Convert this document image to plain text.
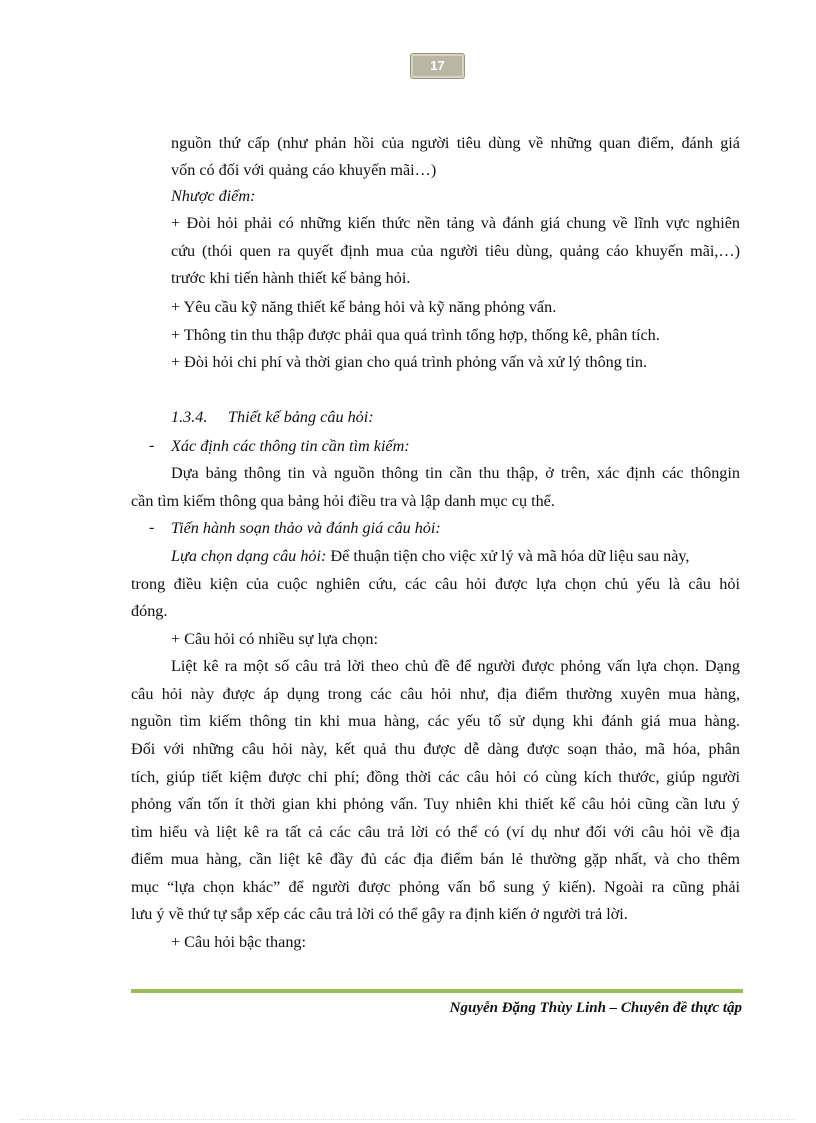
17
nguồn thứ cấp (như phản hồi của người tiêu dùng về những quan điểm, đánh giá
vốn có đối với quảng cáo khuyến mãi…)
Nhược điểm:
+ Đòi hỏi phải có những kiến thức nền tảng và đánh giá chung về lĩnh vực nghiên
cứu (thói quen ra quyết định mua của người tiêu dùng, quảng cáo khuyến mãi,…)
trước khi tiến hành thiết kế bảng hỏi.
+ Yêu cầu kỹ năng thiết kế bảng hỏi và kỹ năng phỏng vấn.
+ Thông tin thu thập được phải qua quá trình tổng hợp, thống kê, phân tích.
+ Đòi hỏi chi phí và thời gian cho quá trình phỏng vấn và xử lý thông tin.
1.3.4. Thiết kế bảng câu hỏi:
- Xác định các thông tin cần tìm kiếm:
Dựa bảng thông tin và nguồn thông tin cần thu thập, ở trên, xác định các thôngin
cần tìm kiếm thông qua bảng hỏi điều tra và lập danh mục cụ thể.
- Tiến hành soạn thảo và đánh giá câu hỏi:
Lựa chọn dạng câu hỏi: Để thuận tiện cho việc xử lý và mã hóa dữ liệu sau này,
trong điều kiện của cuộc nghiên cứu, các câu hỏi được lựa chọn chủ yếu là câu hỏi
đóng.
+ Câu hỏi có nhiều sự lựa chọn:
Liệt kê ra một số câu trả lời theo chủ đề để người được phỏng vấn lựa chọn. Dạng
câu hỏi này được áp dụng trong các câu hỏi như, địa điểm thường xuyên mua hàng,
nguồn tìm kiếm thông tin khi mua hàng, các yếu tố sử dụng khi đánh giá mua hàng.
Đối với những câu hỏi này, kết quả thu được dễ dàng được soạn thảo, mã hóa, phân
tích, giúp tiết kiệm được chi phí; đồng thời các câu hỏi có cùng kích thước, giúp người
phỏng vấn tốn ít thời gian khi phỏng vấn. Tuy nhiên khi thiết kế câu hỏi cũng cần lưu ý
tìm hiểu và liệt kê ra tất cả các câu trả lời có thể có (ví dụ như đối với câu hỏi về địa
điểm mua hàng, cần liệt kê đầy đủ các địa điểm bán lẻ thường gặp nhất, và cho thêm
mục “lựa chọn khác” để người được phỏng vấn bổ sung ý kiến). Ngoài ra cũng phải
lưu ý về thứ tự sắp xếp các câu trả lời có thể gây ra định kiến ở người trả lời.
+ Câu hỏi bậc thang:
Nguyễn Đặng Thùy Linh – Chuyên đề thực tập
